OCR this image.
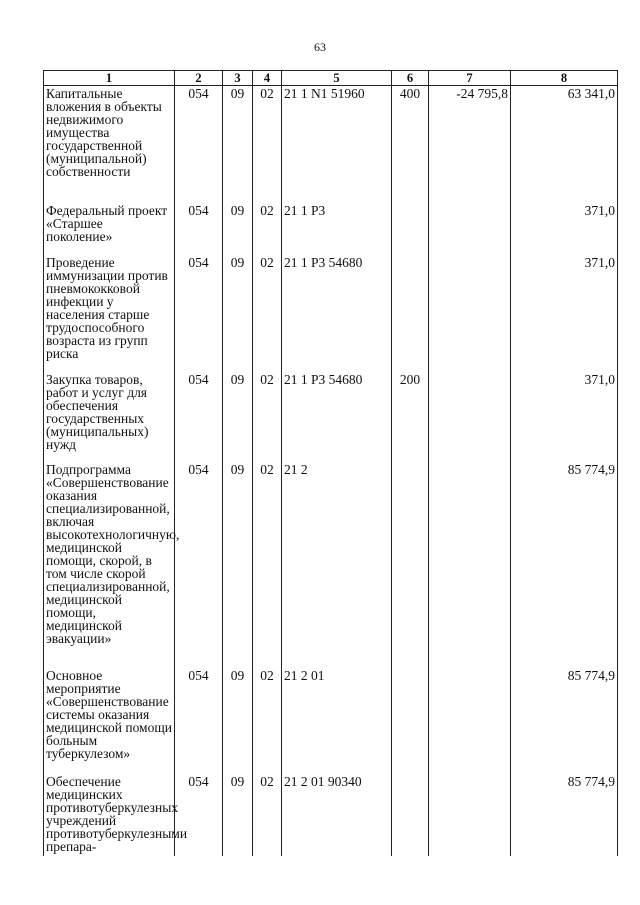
63
1	2	3	4	5	6	7	8
Капитальные вложения в объекты недвижимого имущества государственной (муниципальной) собственности	054	09	02	21 1 N1 51960	400	-24 795,8	63 341,0
Федеральный проект «Старшее поколение»	054	09	02	21 1 Р3			371,0
Проведение иммунизации против пневмококковой инфекции у населения старше трудоспособного возраста из групп риска	054	09	02	21 1 Р3 54680			371,0
Закупка товаров, работ и услуг для обеспечения государственных (муниципальных) нужд	054	09	02	21 1 Р3 54680	200		371,0
Подпрограмма «Совершенствование оказания специализированной, включая высокотехнологичную, медицинской помощи, скорой, в том числе скорой специализированной, медицинской помощи, медицинской эвакуации»	054	09	02	21 2			85 774,9
Основное мероприятие «Совершенствование системы оказания медицинской помощи больным туберкулезом»	054	09	02	21 2 01			85 774,9
Обеспечение медицинских противотуберкулезных учреждений противотуберкулезными препара-	054	09	02	21 2 01 90340			85 774,9
